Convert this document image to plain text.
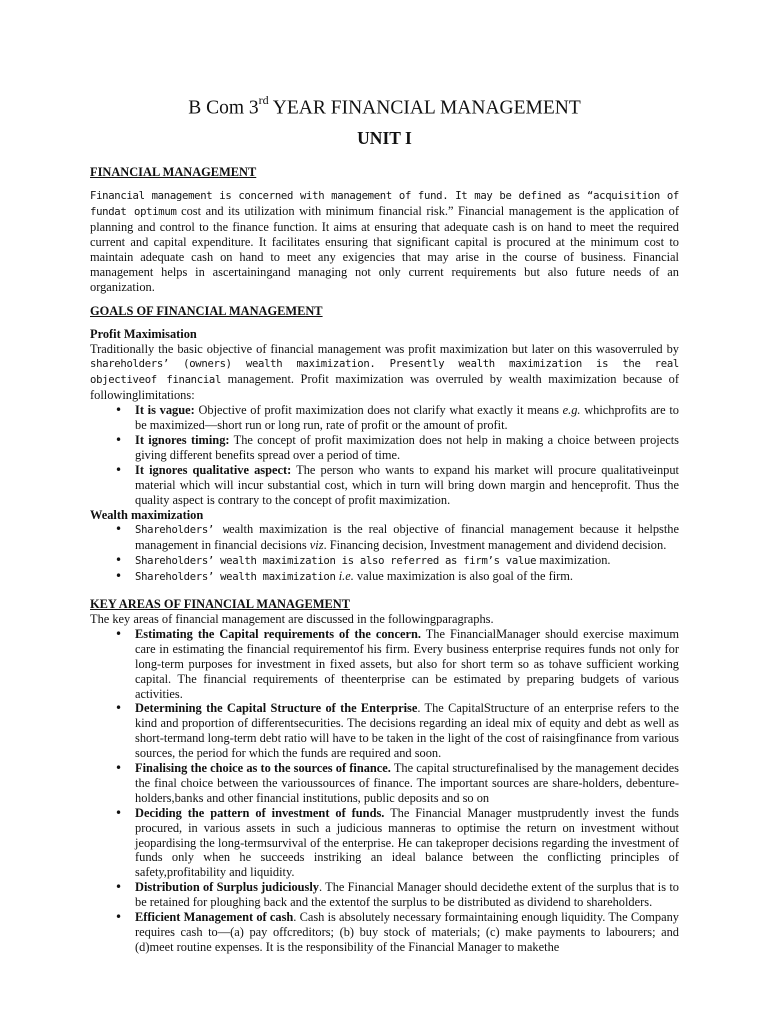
B Com 3rd YEAR FINANCIAL MANAGEMENT
UNIT I

FINANCIAL MANAGEMENT

Financial management is concerned with management of fund. It may be defined as “acquisition of fundat optimum cost and its utilization with minimum financial risk.” Financial management is the application of planning and control to the finance function. It aims at ensuring that adequate cash is on hand to meet the required current and capital expenditure. It facilitates ensuring that significant capital is procured at the minimum cost to maintain adequate cash on hand to meet any exigencies that may arise in the course of business. Financial management helps in ascertainingand managing not only current requirements but also future needs of an organization.

GOALS OF FINANCIAL MANAGEMENT

Profit Maximisation

Traditionally the basic objective of financial management was profit maximization but later on this wasoverruled by shareholders’ (owners) wealth maximization. Presently wealth maximization is the real objectiveof financial management. Profit maximization was overruled by wealth maximization because of followinglimitations:

• It is vague: Objective of profit maximization does not clarify what exactly it means e.g. whichprofits are to be maximized—short run or long run, rate of profit or the amount of profit.
• It ignores timing: The concept of profit maximization does not help in making a choice between projects giving different benefits spread over a period of time.
• It ignores qualitative aspect: The person who wants to expand his market will procure qualitativeinput material which will incur substantial cost, which in turn will bring down margin and henceprofit. Thus the quality aspect is contrary to the concept of profit maximization.

Wealth maximization

• Shareholders’ wealth maximization is the real objective of financial management because it helpsthe management in financial decisions viz. Financing decision, Investment management and dividend decision.
• Shareholders’ wealth maximization is also referred as firm’s value maximization.
• Shareholders’ wealth maximization i.e. value maximization is also goal of the firm.

KEY AREAS OF FINANCIAL MANAGEMENT

The key areas of financial management are discussed in the followingparagraphs.

• Estimating the Capital requirements of the concern. The FinancialManager should exercise maximum care in estimating the financial requirementof his firm. Every business enterprise requires funds not only for long-term purposes for investment in fixed assets, but also for short term so as tohave sufficient working capital. The financial requirements of theenterprise can be estimated by preparing budgets of various activities.
• Determining the Capital Structure of the Enterprise. The CapitalStructure of an enterprise refers to the kind and proportion of differentsecurities. The decisions regarding an ideal mix of equity and debt as well as short-termand long-term debt ratio will have to be taken in the light of the cost of raisingfinance from various sources, the period for which the funds are required and soon.
• Finalising the choice as to the sources of finance. The capital structurefinalised by the management decides the final choice between the varioussources of finance. The important sources are share-holders, debenture-holders,banks and other financial institutions, public deposits and so on
• Deciding the pattern of investment of funds. The Financial Manager mustprudently invest the funds procured, in various assets in such a judicious manneras to optimise the return on investment without jeopardising the long-termsurvival of the enterprise. He can takeproper decisions regarding the investment of funds only when he succeeds instriking an ideal balance between the conflicting principles of safety,profitability and liquidity.
• Distribution of Surplus judiciously. The Financial Manager should decidethe extent of the surplus that is to be retained for ploughing back and the extentof the surplus to be distributed as dividend to shareholders.
• Efficient Management of cash. Cash is absolutely necessary formaintaining enough liquidity. The Company requires cash to—(a) pay offcreditors; (b) buy stock of materials; (c) make payments to labourers; and (d)meet routine expenses. It is the responsibility of the Financial Manager to makethe
